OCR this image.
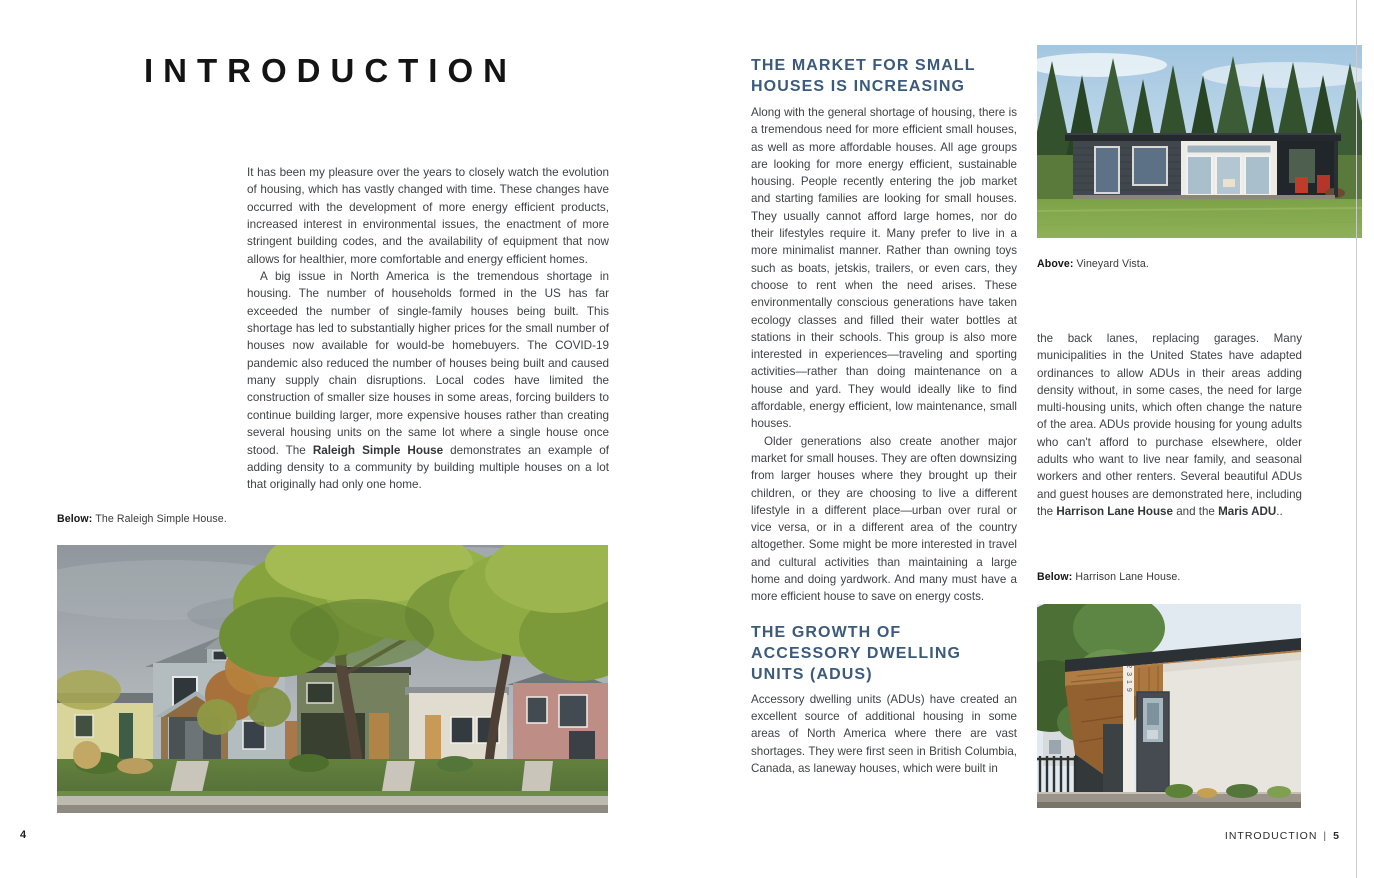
INTRODUCTION

It has been my pleasure over the years to closely watch the evolution of housing, which has vastly changed with time. These changes have occurred with the development of more energy efficient products, increased interest in environmental issues, the enactment of more stringent building codes, and the availability of equipment that now allows for healthier, more comfortable and energy efficient homes.

A big issue in North America is the tremendous shortage in housing. The number of households formed in the US has far exceeded the number of single-family houses being built. This shortage has led to substantially higher prices for the small number of houses now available for would-be homebuyers. The COVID-19 pandemic also reduced the number of houses being built and caused many supply chain disruptions. Local codes have limited the construction of smaller size houses in some areas, forcing builders to continue building larger, more expensive houses rather than creating several housing units on the same lot where a single house once stood. The Raleigh Simple House demonstrates an example of adding density to a community by building multiple houses on a lot that originally had only one home.

Below: The Raleigh Simple House.
4
THE MARKET FOR SMALL
HOUSES IS INCREASING

Along with the general shortage of housing, there is a tremendous need for more efficient small houses, as well as more affordable houses. All age groups are looking for more energy efficient, sustainable housing. People recently entering the job market and starting families are looking for small houses. They usually cannot afford large homes, nor do their lifestyles require it. Many prefer to live in a more minimalist manner. Rather than owning toys such as boats, jetskis, trailers, or even cars, they choose to rent when the need arises. These environmentally conscious generations have taken ecology classes and filled their water bottles at stations in their schools. This group is also more interested in experiences—traveling and sporting activities—rather than doing maintenance on a house and yard. They would ideally like to find affordable, energy efficient, low maintenance, small houses.

Older generations also create another major market for small houses. They are often downsizing from larger houses where they brought up their children, or they are choosing to live a different lifestyle in a different place—urban over rural or vice versa, or in a different area of the country altogether. Some might be more interested in travel and cultural activities than maintaining a large home and doing yardwork. And many must have a more efficient house to save on energy costs.

THE GROWTH OF
ACCESSORY DWELLING
UNITS (ADUS)

Accessory dwelling units (ADUs) have created an excellent source of additional housing in some areas of North America where there are vast shortages. They were first seen in British Columbia, Canada, as laneway houses, which were built in

Above: Vineyard Vista.
the back lanes, replacing garages. Many municipalities in the United States have adapted ordinances to allow ADUs in their areas adding density without, in some cases, the need for large multi-housing units, which often change the nature of the area. ADUs provide housing for young adults who can't afford to purchase elsewhere, older adults who want to live near family, and seasonal workers and other renters. Several beautiful ADUs and guest houses are demonstrated here, including the Harrison Lane House and the Maris ADU..
Below: Harrison Lane House.
2319
INTRODUCTION | 5
